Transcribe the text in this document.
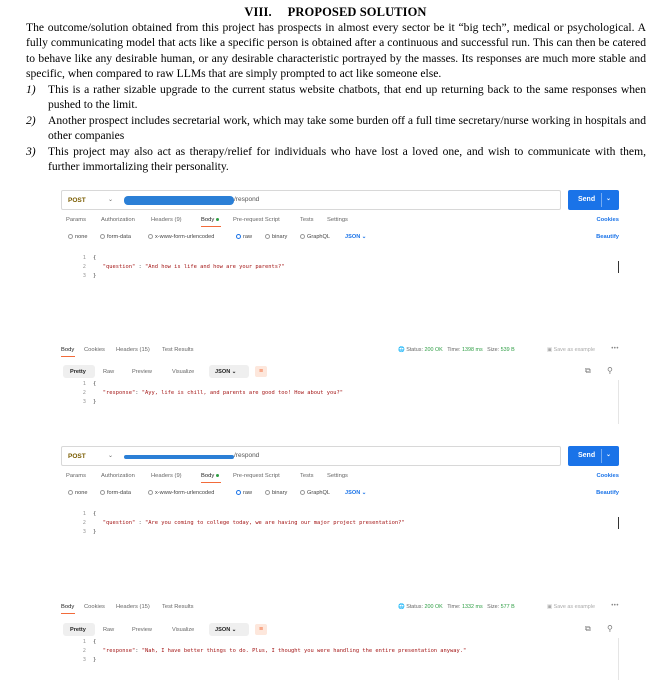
VIII. PROPOSED SOLUTION
The outcome/solution obtained from this project has prospects in almost every sector be it “big tech”, medical or psychological. A fully communicating model that acts like a specific person is obtained after a continuous and successful run. This can then be catered to behave like any desirable human, or any desirable characteristic portrayed by the masses. Its responses are much more stable and specific, when compared to raw LLMs that are simply prompted to act like someone else.
1) This is a rather sizable upgrade to the current status website chatbots, that end up returning back to the same responses when pushed to the limit.
2) Another prospect includes secretarial work, which may take some burden off a full time secretary/nurse working in hospitals and other companies
3) This project may also act as therapy/relief for individuals who have lost a loved one, and wish to communicate with them, further immortalizing their personality.
POST	⌄	/respond	Send ⌄
Params	Authorization	Headers (9)	Body	Pre-request Script	Tests Settings	Cookies
none	form-data	x-www-form-urlencoded	raw	binary	GraphQL	JSON ⌄	Beautify
1
2
3
{
"question" : "And how is life and how are your parents?"
}
Body Cookies Headers (15) Test Results	🌐 Status: 200 OK Time: 1398 ms Size: 539 B	▣ Save as example	•••
Pretty	Raw	Preview	Visualize	JSON ⌄	≡	⧉ ⚲
1
2
3
{
"response": "Ayy, life is chill, and parents are good too! How about you?"
}
POST	⌄	/respond	Send ⌄
Params	Authorization	Headers (9)	Body	Pre-request Script	Tests Settings	Cookies
none	form-data	x-www-form-urlencoded	raw	binary	GraphQL	JSON ⌄	Beautify
1
2
3
{
"question" : "Are you coming to college today, we are having our major project presentation?"
}
Body Cookies Headers (15) Test Results	🌐 Status: 200 OK Time: 1332 ms Size: 577 B	▣ Save as example	•••
Pretty	Raw	Preview	Visualize	JSON ⌄	≡	⧉ ⚲
1
2
3
{
"response": "Nah, I have better things to do. Plus, I thought you were handling the entire presentation anyway."
}
